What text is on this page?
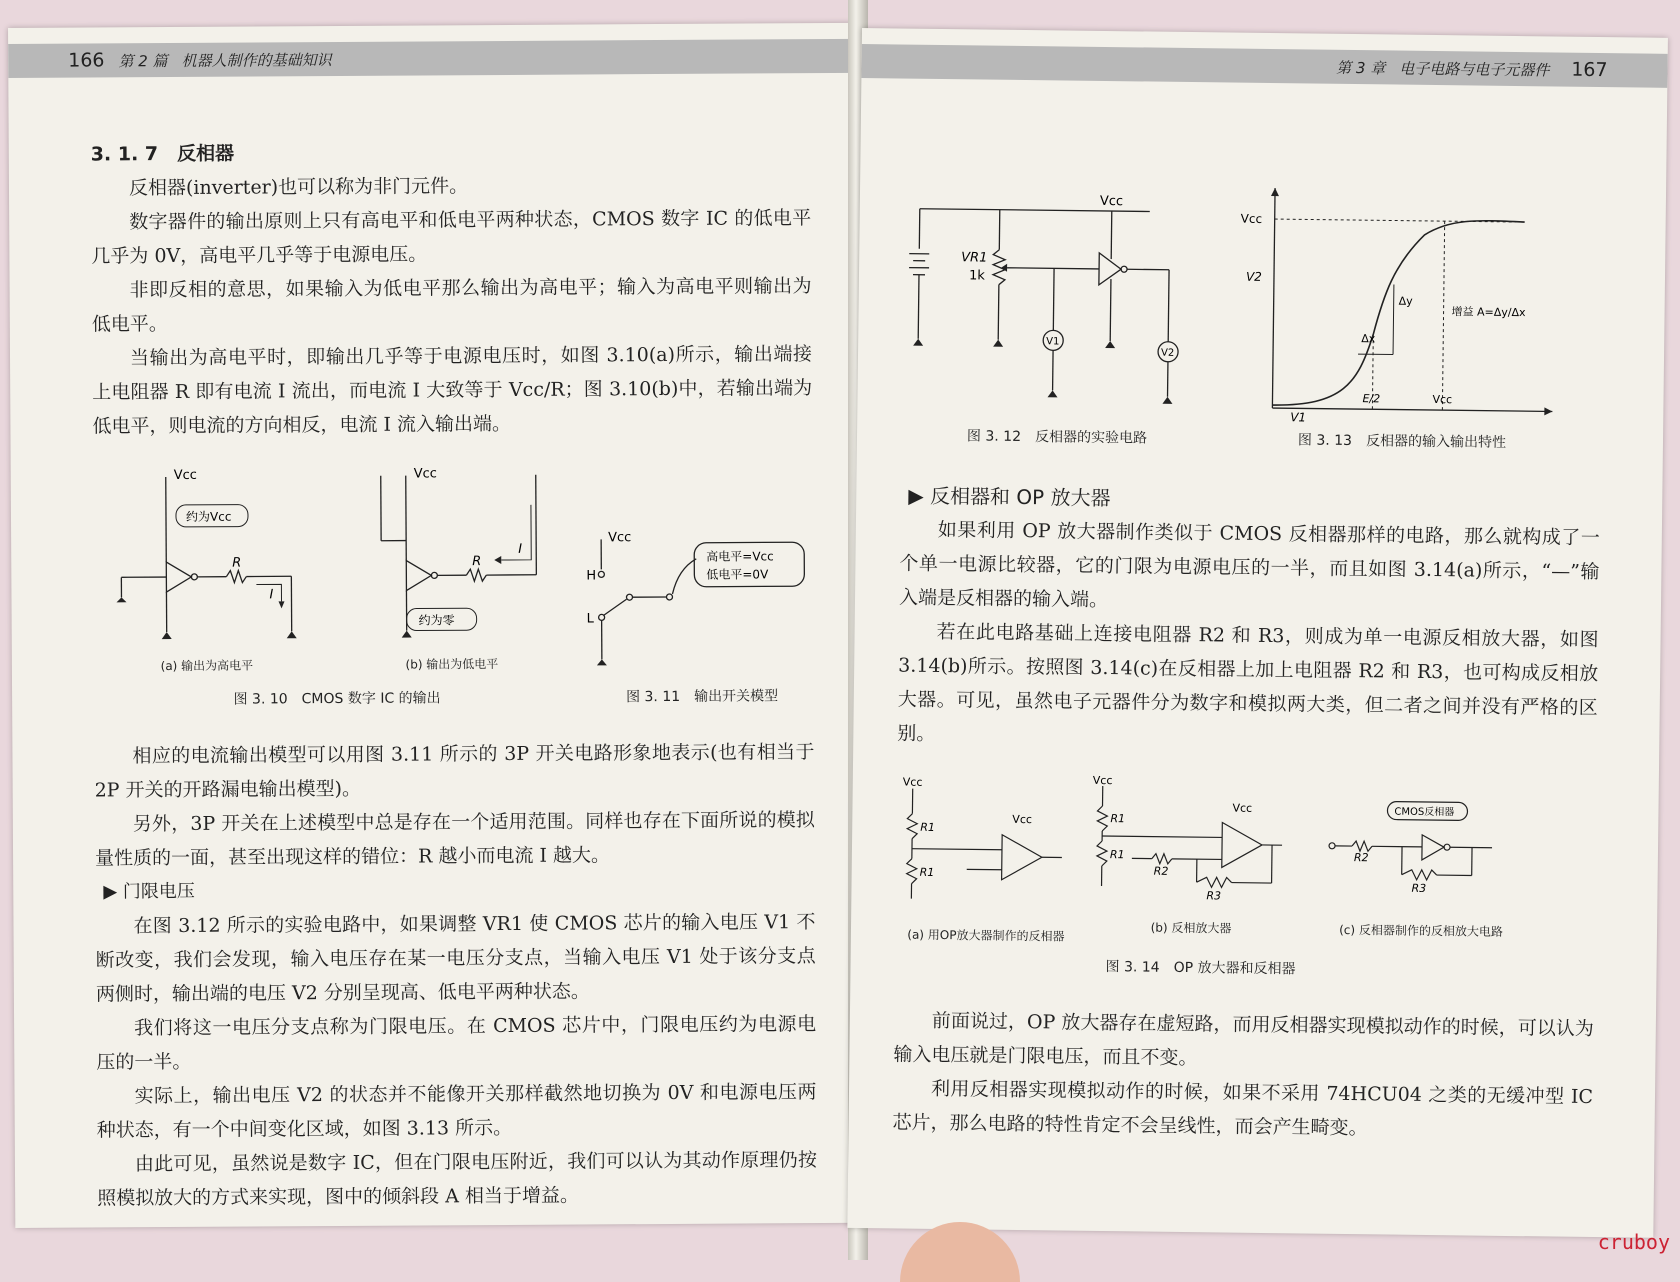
166 第 2 篇 机器人制作的基础知识

3. 1. 7　反相器

反相器(inverter)也可以称为非门元件。

数字器件的输出原则上只有高电平和低电平两种状态，CMOS 数字 IC 的低电平几乎为 0V，高电平几乎等于电源电压。

非即反相的意思，如果输入为低电平那么输出为高电平；输入为高电平则输出为低电平。

当输出为高电平时，即输出几乎等于电源电压时，如图 3.10(a)所示，输出端接上电阻器 R 即有电流 I 流出，而电流 I 大致等于 Vcc/R；图 3.10(b)中，若输出端为低电平，则电流的方向相反，电流 I 流入输出端。

Vcc	Vcc
约为Vcc
约为零
R	R
I
I
(a) 输出为高电平	(b) 输出为低电平
图 3. 10　CMOS 数字 IC 的输出
Vcc
H
L
高电平=Vcc
低电平=0V
图 3. 11　输出开关模型

相应的电流输出模型可以用图 3.11 所示的 3P 开关电路形象地表示(也有相当于 2P 开关的开路漏电输出模型)。

另外，3P 开关在上述模型中总是存在一个适用范围。同样也存在下面所说的模拟量性质的一面，甚至出现这样的错位：R 越小而电流 I 越大。

▶ 门限电压

在图 3.12 所示的实验电路中，如果调整 VR1 使 CMOS 芯片的输入电压 V1 不断改变，我们会发现，输入电压存在某一电压分支点，当输入电压 V1 处于该分支点两侧时，输出端的电压 V2 分别呈现高、低电平两种状态。

我们将这一电压分支点称为门限电压。在 CMOS 芯片中，门限电压约为电源电压的一半。

实际上，输出电压 V2 的状态并不能像开关那样截然地切换为 0V 和电源电压两种状态，有一个中间变化区域，如图 3.13 所示。

由此可见，虽然说是数字 IC，但在门限电压附近，我们可以认为其动作原理仍按照模拟放大的方式来实现，图中的倾斜段 A 相当于增益。

第 3 章 电子电路与电子元器件 167
Vcc
VR1
1k
V1
V2
图 3. 12　反相器的实验电路
Vcc
V2
V1
Δy
Δx
增益 A=Δy/Δx
E/2	Vcc
图 3. 13　反相器的输入输出特性

▶ 反相器和 OP 放大器

如果利用 OP 放大器制作类似于 CMOS 反相器那样的电路，那么就构成了一个单一电源比较器，它的门限为电源电压的一半，而且如图 3.14(a)所示，“—”输入端是反相器的输入端。

若在此电路基础上连接电阻器 R2 和 R3，则成为单一电源反相放大器，如图 3.14(b)所示。按照图 3.14(c)在反相器上加上电阻器 R2 和 R3，也可构成反相放大器。可见，虽然电子元器件分为数字和模拟两大类，但二者之间并没有严格的区别。

Vcc
R1
R1
Vcc
Vcc
R1
R1
R2
R3
Vcc
R2
R3
CMOS反相器
(a) 用OP放大器制作的反相器	(b) 反相放大器	(c) 反相器制作的反相放大电路
图 3. 14　OP 放大器和反相器

前面说过，OP 放大器存在虚短路，而用反相器实现模拟动作的时候，可以认为输入电压就是门限电压，而且不变。

利用反相器实现模拟动作的时候，如果不采用 74HCU04 之类的无缓冲型 IC 芯片，那么电路的特性肯定不会呈线性，而会产生畸变。

cruboy
